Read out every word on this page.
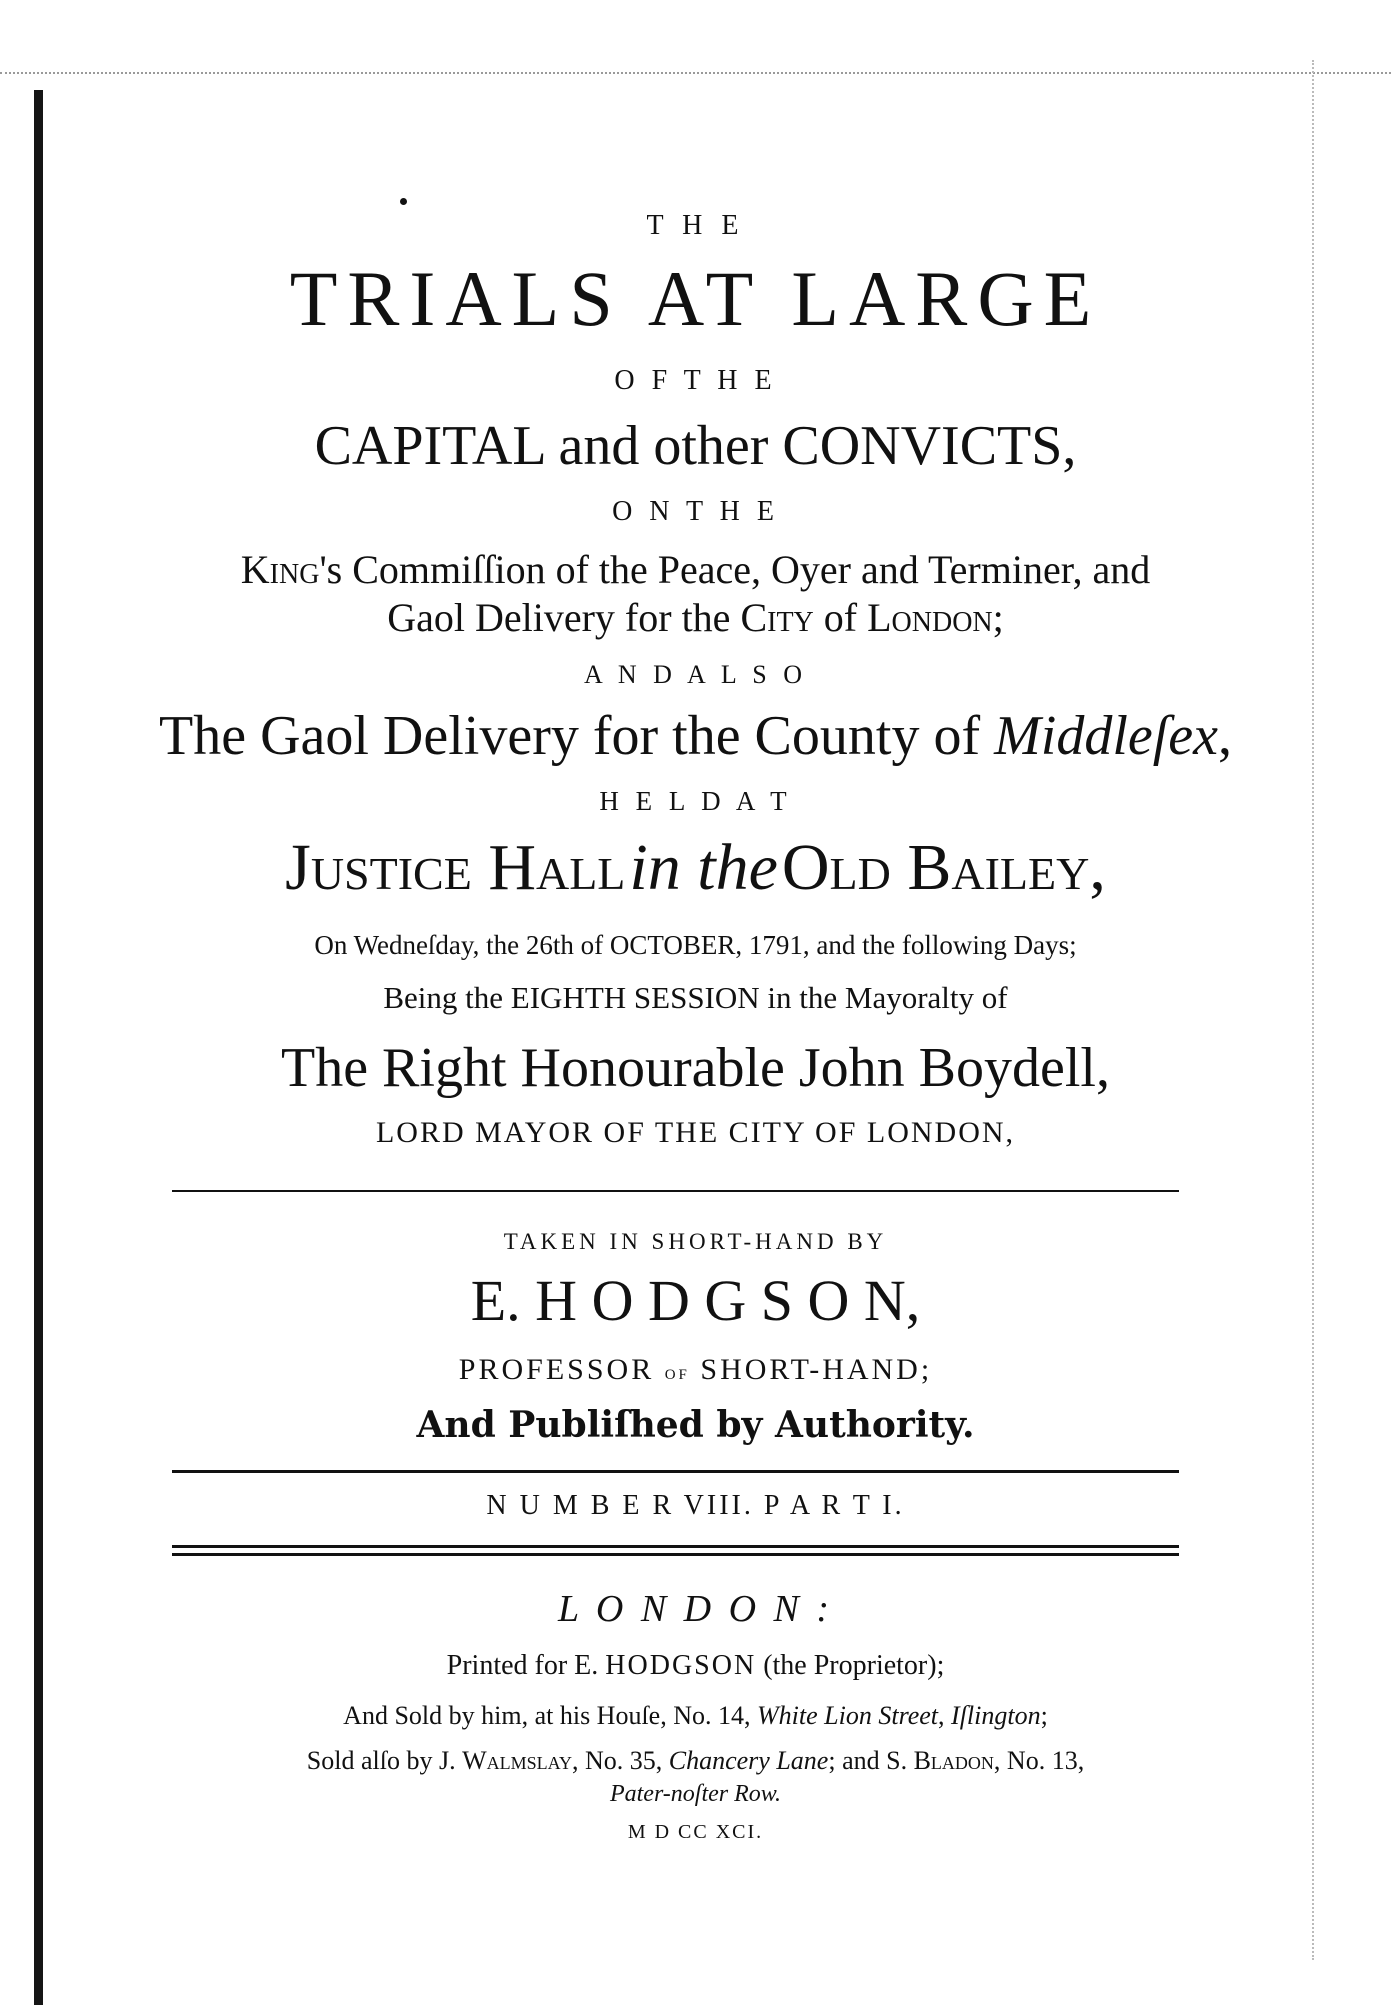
T H E
TRIALS AT LARGE
O F T H E
CAPITAL and other CONVICTS,
O N T H E
King's Commiſſion of the Peace, Oyer and Terminer, and
Gaol Delivery for the City of London;
A N D A L S O
The Gaol Delivery for the County of Middleſex,
H E L D A T
Justice Hallin theOld Bailey,
On Wedneſday, the 26th of OCTOBER, 1791, and the following Days;
Being the EIGHTH SESSION in the Mayoralty of
The Right Honourable John Boydell,
LORD MAYOR OF THE CITY OF LONDON,
TAKEN IN SHORT-HAND BY
E. H O D G S O N,
PROFESSOR of SHORT-HAND;
And Publiſhed by Authority.
N U M B E R VIII. P A R T I.
L O N D O N :
Printed for E. HODGSON (the Proprietor);
And Sold by him, at his Houſe, No. 14, White Lion Street, Iſlington;
Sold alſo by J. Walmslay, No. 35, Chancery Lane; and S. Bladon, No. 13,
Pater-noſter Row.
M D CC XCI.
